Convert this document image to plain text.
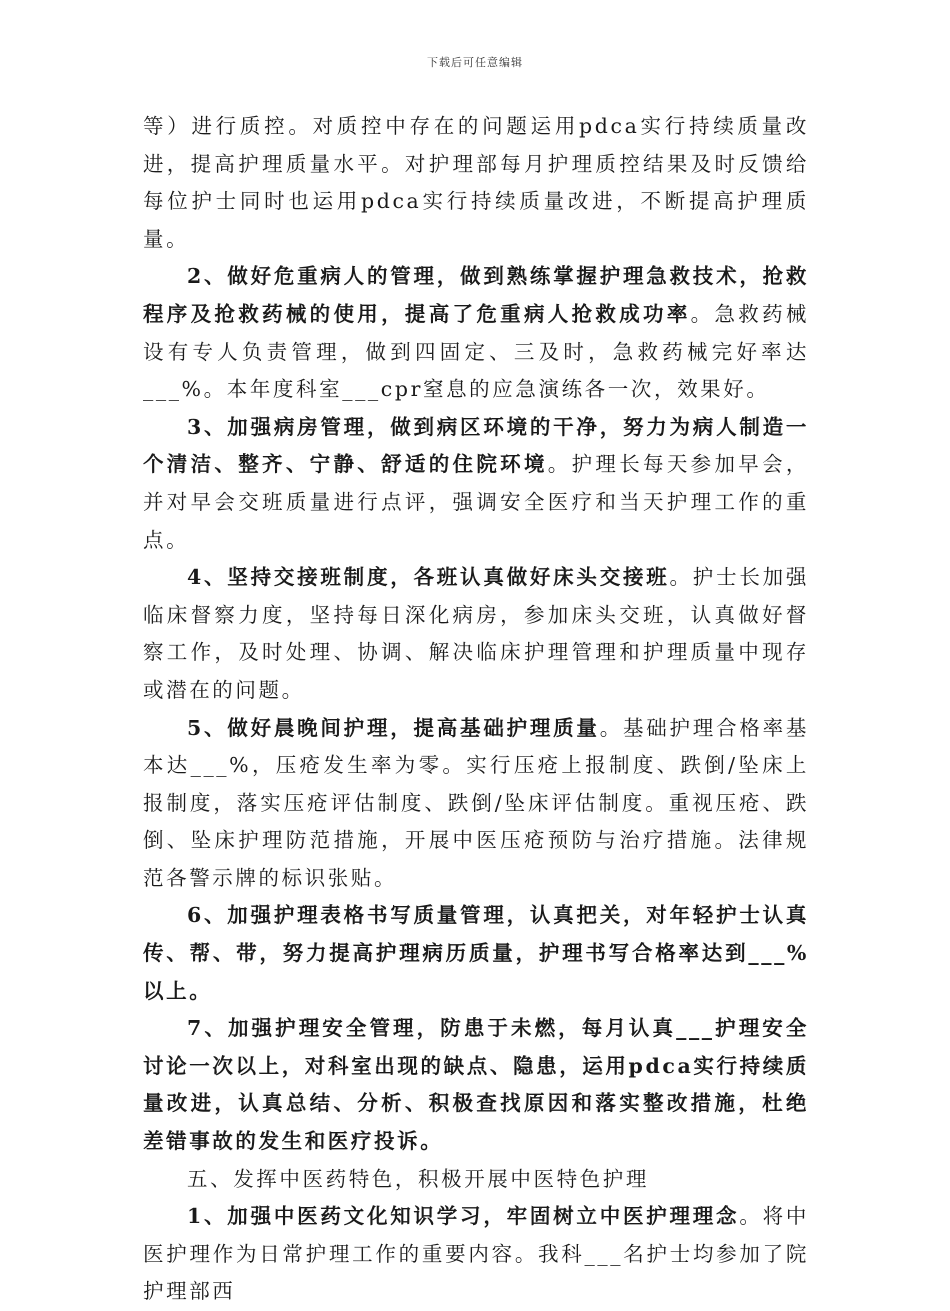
下载后可任意编辑

等）进行质控。对质控中存在的问题运用pdca实行持续质量改进，提高护理质量水平。对护理部每月护理质控结果及时反馈给每位护士同时也运用pdca实行持续质量改进，不断提高护理质量。

2、做好危重病人的管理，做到熟练掌握护理急救技术，抢救程序及抢救药械的使用，提高了危重病人抢救成功率。急救药械设有专人负责管理，做到四固定、三及时，急救药械完好率达___%。本年度科室___cpr窒息的应急演练各一次，效果好。

3、加强病房管理，做到病区环境的干净，努力为病人制造一个清洁、整齐、宁静、舒适的住院环境。护理长每天参加早会，并对早会交班质量进行点评，强调安全医疗和当天护理工作的重点。

4、坚持交接班制度，各班认真做好床头交接班。护士长加强临床督察力度，坚持每日深化病房，参加床头交班，认真做好督察工作，及时处理、协调、解决临床护理管理和护理质量中现存或潜在的问题。

5、做好晨晚间护理，提高基础护理质量。基础护理合格率基本达___%，压疮发生率为零。实行压疮上报制度、跌倒/坠床上报制度，落实压疮评估制度、跌倒/坠床评估制度。重视压疮、跌倒、坠床护理防范措施，开展中医压疮预防与治疗措施。法律规范各警示牌的标识张贴。

6、加强护理表格书写质量管理，认真把关，对年轻护士认真传、帮、带，努力提高护理病历质量，护理书写合格率达到___%以上。

7、加强护理安全管理，防患于未燃，每月认真___护理安全讨论一次以上，对科室出现的缺点、隐患，运用pdca实行持续质量改进，认真总结、分析、积极查找原因和落实整改措施，杜绝差错事故的发生和医疗投诉。

五、发挥中医药特色，积极开展中医特色护理

1、加强中医药文化知识学习，牢固树立中医护理理念。将中医护理作为日常护理工作的重要内容。我科___名护士均参加了院护理部西
